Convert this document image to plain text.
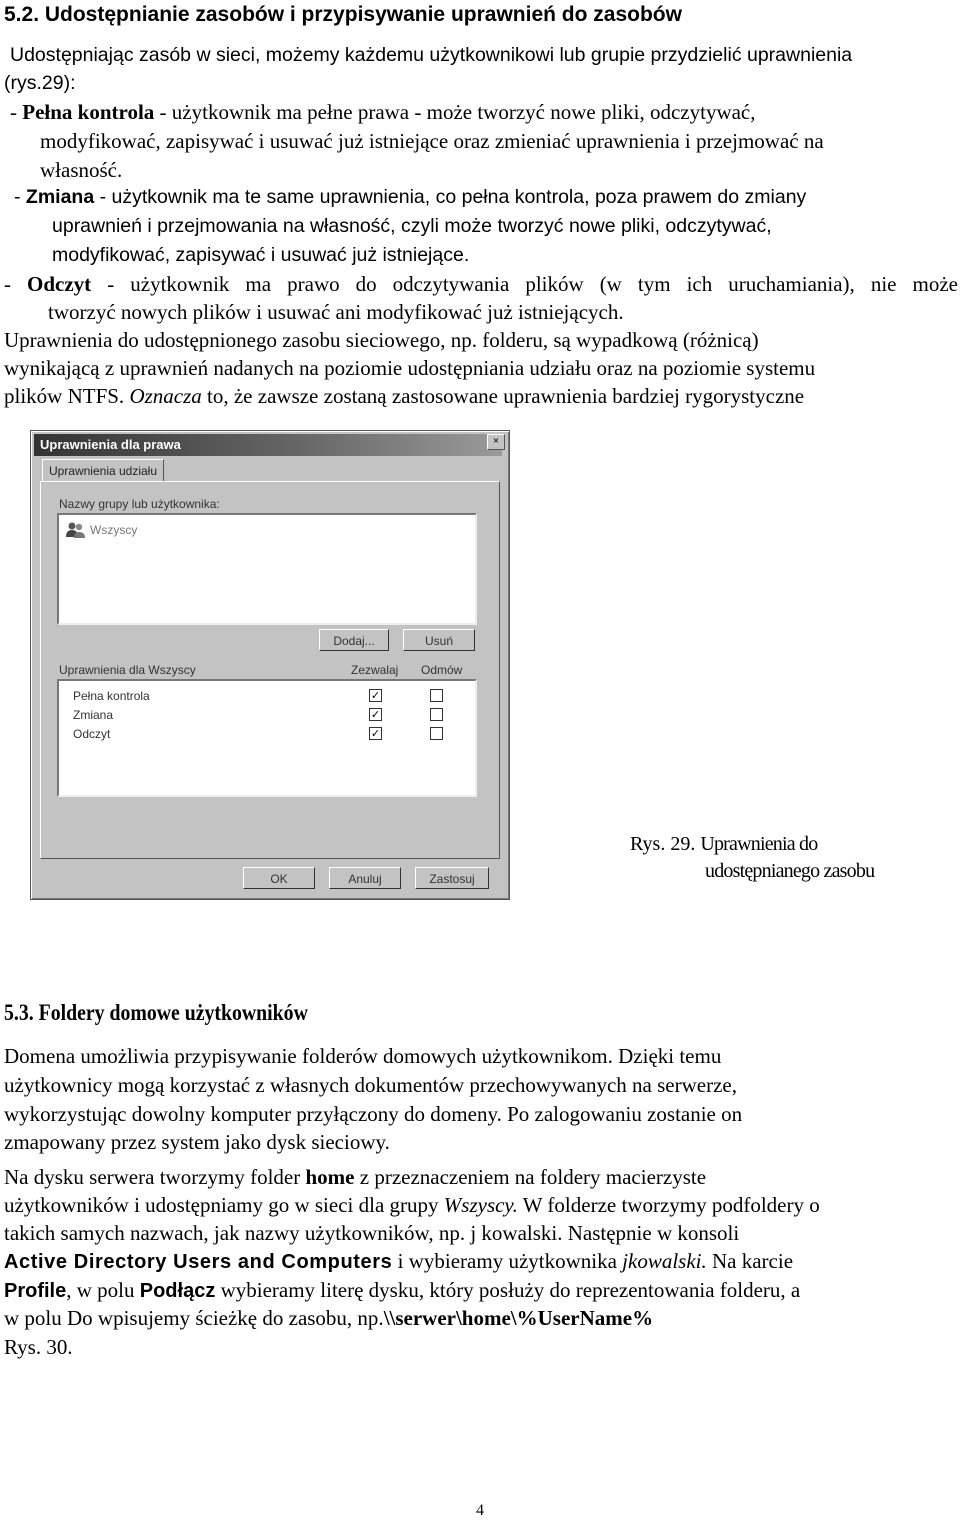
5.2. Udostępnianie zasobów i przypisywanie uprawnień do zasobów
Udostępniając zasób w sieci, możemy każdemu użytkownikowi lub grupie przydzielić uprawnienia
(rys.29):
- Pełna kontrola - użytkownik ma pełne prawa - może tworzyć nowe pliki, odczytywać,
modyfikować, zapisywać i usuwać już istniejące oraz zmieniać uprawnienia i przejmować na
własność.
- Zmiana - użytkownik ma te same uprawnienia, co pełna kontrola, poza prawem do zmiany
uprawnień i przejmowania na własność, czyli może tworzyć nowe pliki, odczytywać,
modyfikować, zapisywać i usuwać już istniejące.
- Odczyt - użytkownik ma prawo do odczytywania plików (w tym ich uruchamiania), nie może
tworzyć nowych plików i usuwać ani modyfikować już istniejących.
Uprawnienia do udostępnionego zasobu sieciowego, np. folderu, są wypadkową (różnicą)
wynikającą z uprawnień nadanych na poziomie udostępniania udziału oraz na poziomie systemu
plików NTFS. Oznacza to, że zawsze zostaną zastosowane uprawnienia bardziej rygorystyczne
Uprawnienia dla prawa	×
Uprawnienia udziału
Nazwy grupy lub użytkownika:
Wszyscy
Dodaj...	Usuń
Uprawnienia dla Wszyscy	Zezwalaj Odmów
Pełna kontrola	✓
Zmiana	✓
Odczyt	✓
OK	Anuluj	Zastosuj
Rys. 29. Uprawnienia do
udostępnianego zasobu
5.3. Foldery domowe użytkowników
Domena umożliwia przypisywanie folderów domowych użytkownikom. Dzięki temu
użytkownicy mogą korzystać z własnych dokumentów przechowywanych na serwerze,
wykorzystując dowolny komputer przyłączony do domeny. Po zalogowaniu zostanie on
zmapowany przez system jako dysk sieciowy.
Na dysku serwera tworzymy folder home z przeznaczeniem na foldery macierzyste
użytkowników i udostępniamy go w sieci dla grupy Wszyscy. W folderze tworzymy podfoldery o
takich samych nazwach, jak nazwy użytkowników, np. j kowalski. Następnie w konsoli
Active Directory Users and Computers i wybieramy użytkownika jkowalski. Na karcie
Profile, w polu Podłącz wybieramy literę dysku, który posłuży do reprezentowania folderu, a
w polu Do wpisujemy ścieżkę do zasobu, np.\\serwer\home\%UserName%
Rys. 30.
4
